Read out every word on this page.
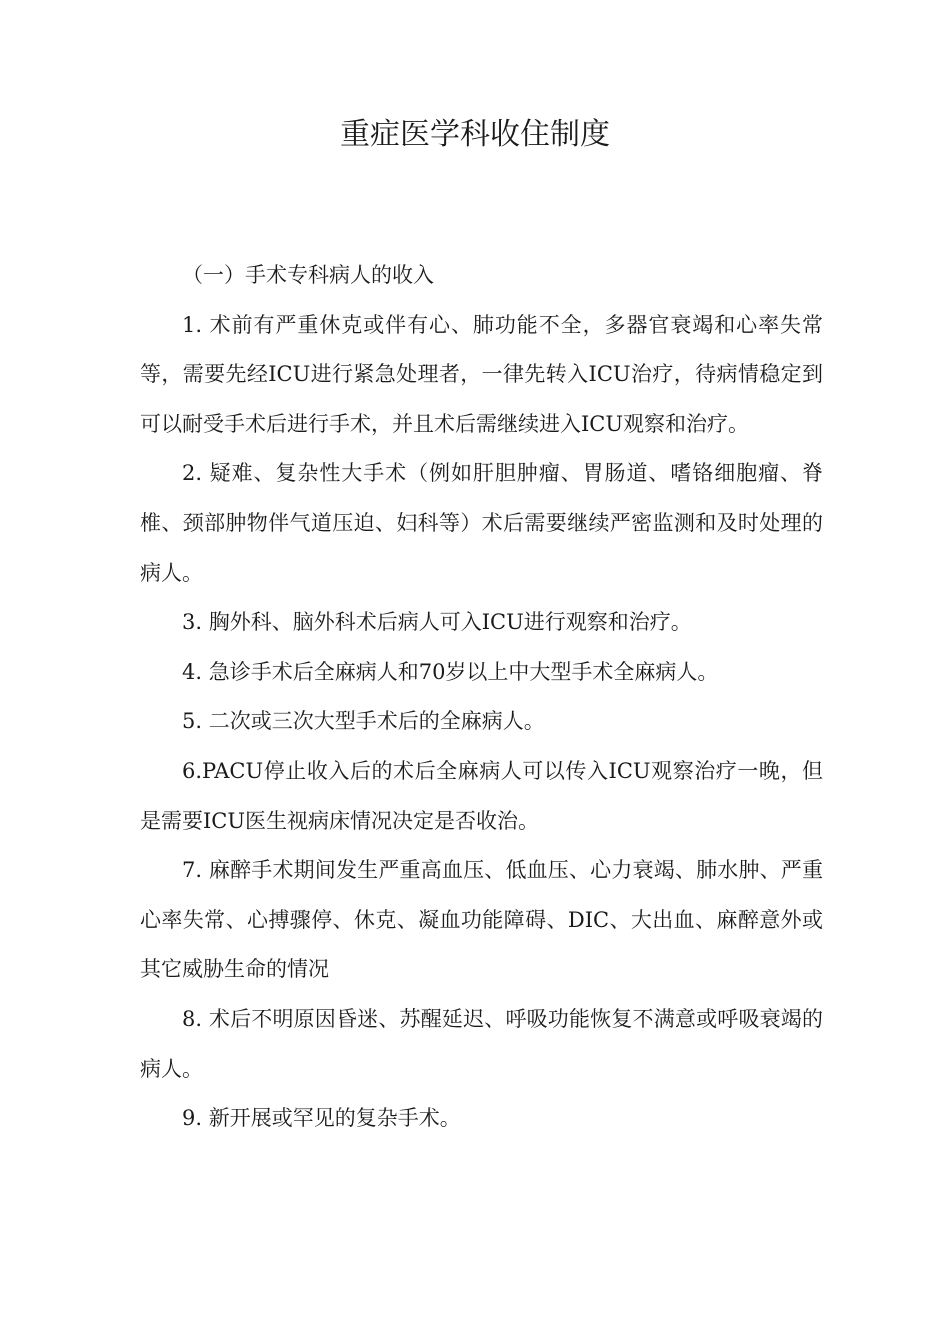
重症医学科收住制度

（一）手术专科病人的收入

1. 术前有严重休克或伴有心、肺功能不全，多器官衰竭和心率失常等，需要先经ICU进行紧急处理者，一律先转入ICU治疗，待病情稳定到可以耐受手术后进行手术，并且术后需继续进入ICU观察和治疗。

2. 疑难、复杂性大手术（例如肝胆肿瘤、胃肠道、嗜铬细胞瘤、脊椎、颈部肿物伴气道压迫、妇科等）术后需要继续严密监测和及时处理的病人。

3. 胸外科、脑外科术后病人可入ICU进行观察和治疗。

4. 急诊手术后全麻病人和70岁以上中大型手术全麻病人。

5. 二次或三次大型手术后的全麻病人。

6.PACU停止收入后的术后全麻病人可以传入ICU观察治疗一晚，但是需要ICU医生视病床情况决定是否收治。

7. 麻醉手术期间发生严重高血压、低血压、心力衰竭、肺水肿、严重心率失常、心搏骤停、休克、凝血功能障碍、DIC、大出血、麻醉意外或其它威胁生命的情况

8. 术后不明原因昏迷、苏醒延迟、呼吸功能恢复不满意或呼吸衰竭的病人。

9. 新开展或罕见的复杂手术。
